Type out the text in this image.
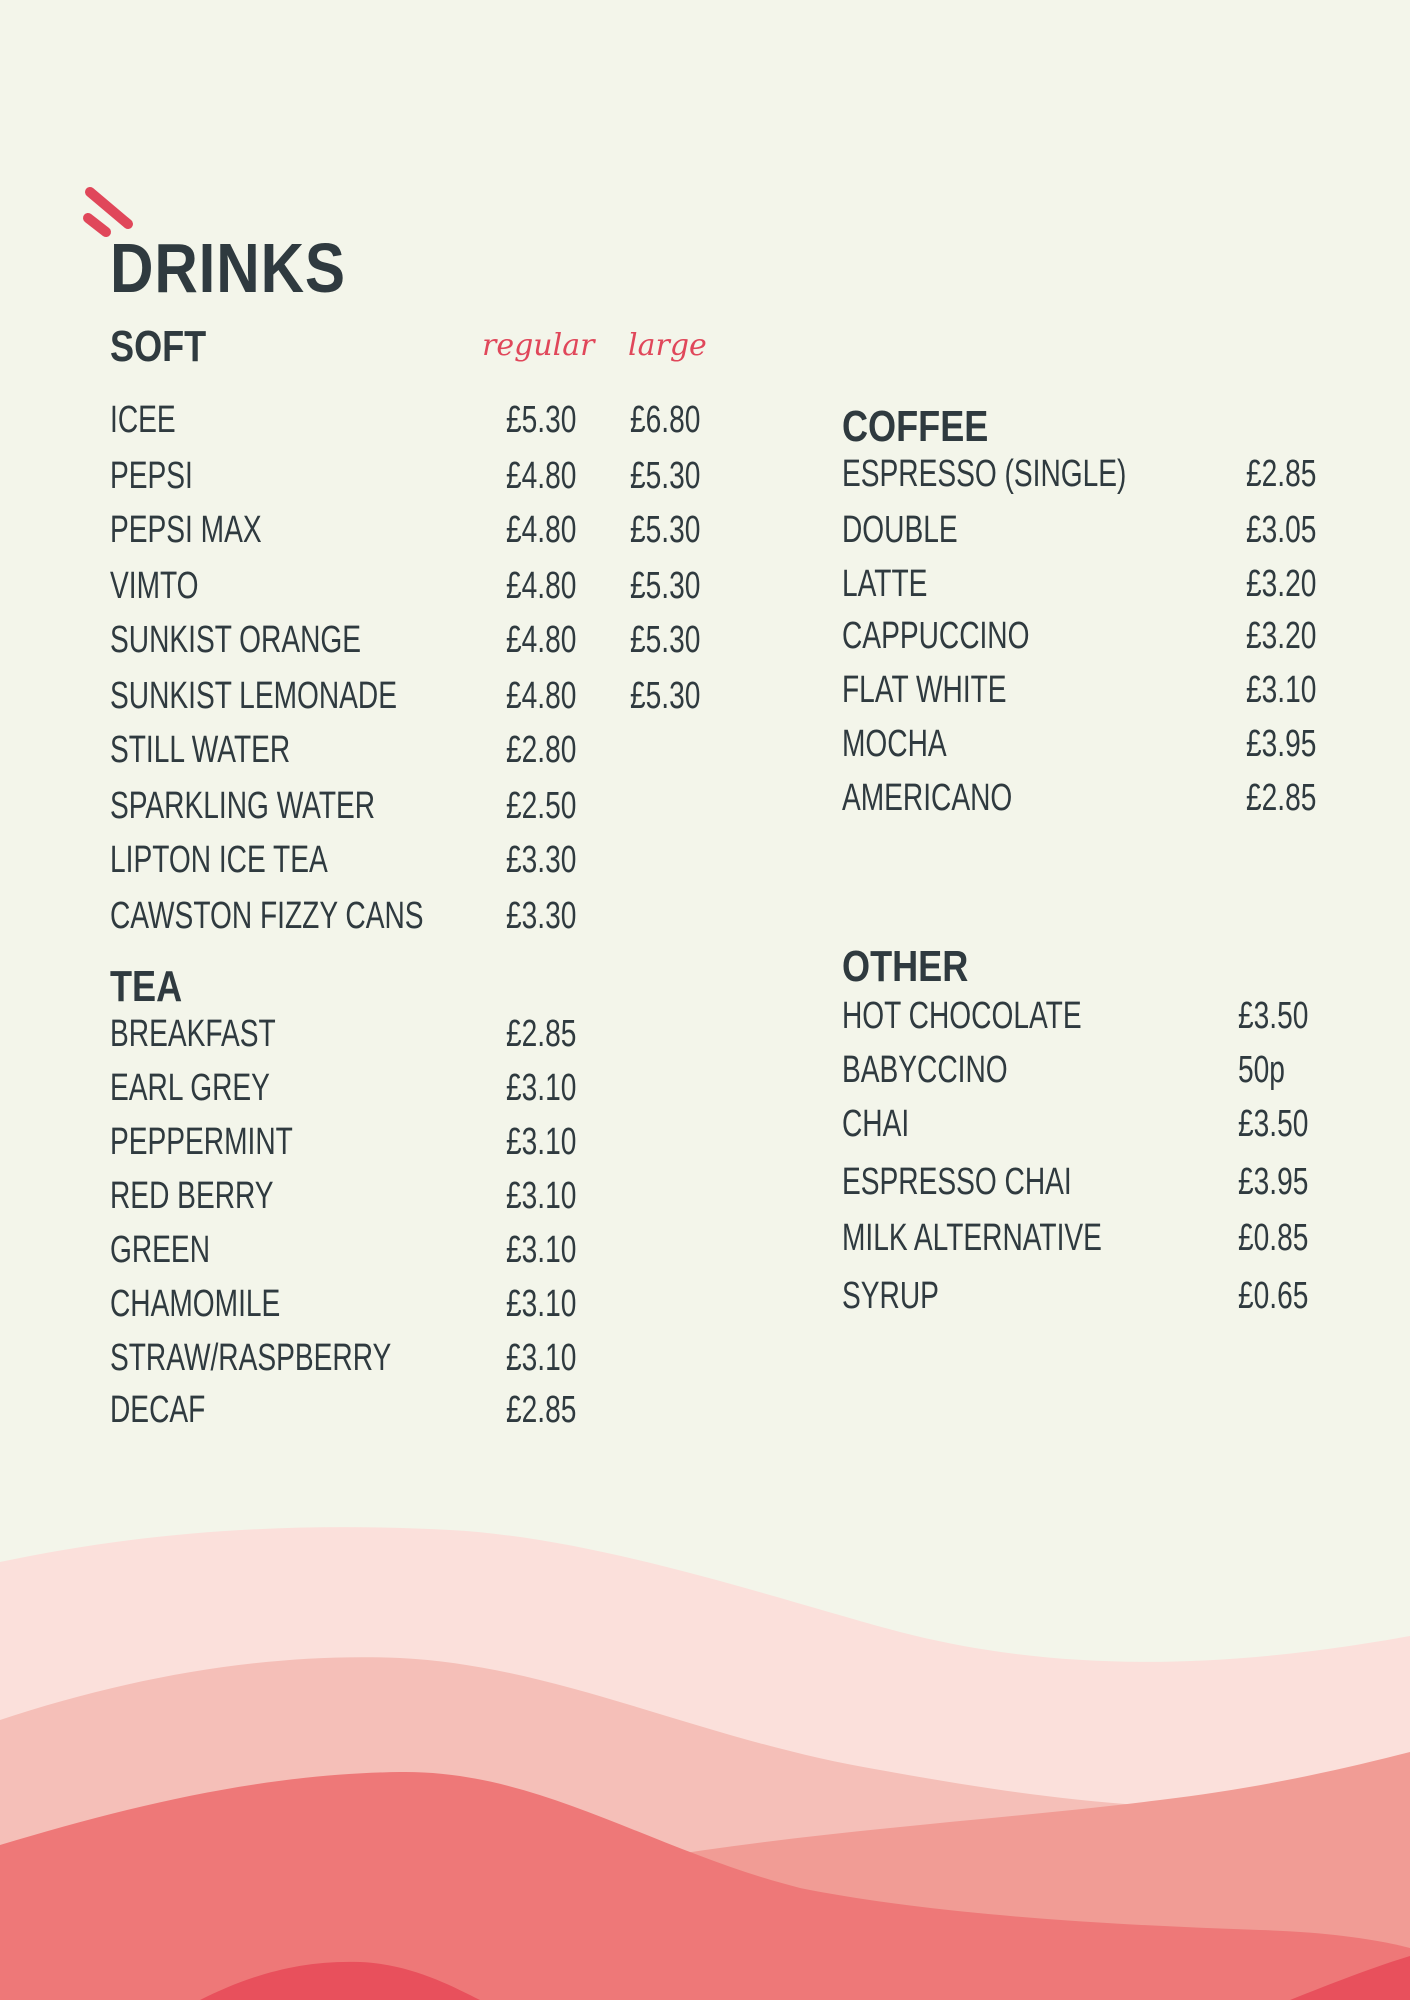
DRINKS
SOFT	regular large
ICEE	£5.30 £6.80
PEPSI	£4.80 £5.30
PEPSI MAX	£4.80 £5.30
VIMTO	£4.80 £5.30
SUNKIST ORANGE	£4.80 £5.30
SUNKIST LEMONADE	£4.80 £5.30
STILL WATER	£2.80
SPARKLING WATER	£2.50
LIPTON ICE TEA	£3.30
CAWSTON FIZZY CANS £3.30
TEA
BREAKFAST	£2.85
EARL GREY	£3.10
PEPPERMINT	£3.10
RED BERRY	£3.10
GREEN	£3.10
CHAMOMILE	£3.10
STRAW/RASPBERRY	£3.10
DECAF	£2.85
COFFEE
ESPRESSO (SINGLE)	£2.85
DOUBLE	£3.05
LATTE	£3.20
CAPPUCCINO	£3.20
FLAT WHITE	£3.10
MOCHA	£3.95
AMERICANO	£2.85
OTHER
HOT CHOCOLATE	£3.50
BABYCCINO	50p
CHAI	£3.50
ESPRESSO CHAI	£3.95
MILK ALTERNATIVE	£0.85
SYRUP	£0.65
